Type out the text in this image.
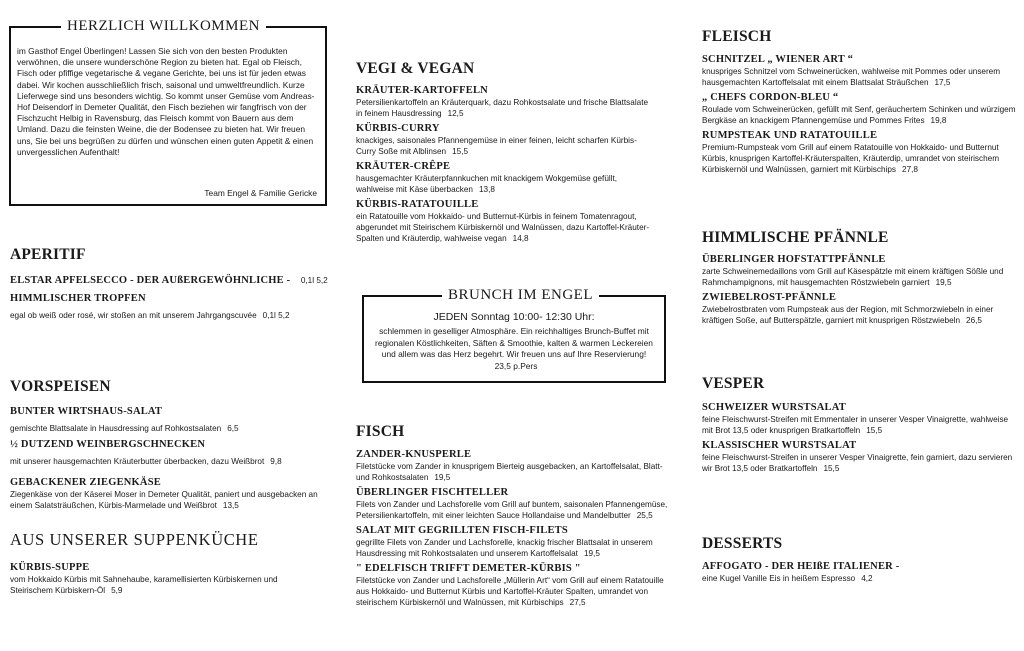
HERZLICH WILLKOMMEN

im Gasthof Engel Überlingen! Lassen Sie sich von den besten Produkten verwöhnen, die unsere wunderschöne Region zu bieten hat. Egal ob Fleisch, Fisch oder pfiffige vegetarische & vegane Gerichte, bei uns ist für jeden etwas dabei. Wir kochen ausschließlich frisch, saisonal und umweltfreundlich. Kurze Lieferwege sind uns besonders wichtig. So kommt unser Gemüse vom Andreas-Hof Deisendorf in Demeter Qualität, den Fisch beziehen wir fangfrisch von der Fischzucht Helbig in Ravensburg, das Fleisch kommt von Bauern aus dem Umland. Dazu die feinsten Weine, die der Bodensee zu bieten hat. Wir freuen uns, Sie bei uns begrüßen zu dürfen und wünschen einen guten Appetit & einen unvergesslichen Aufenthalt!

Team Engel & Familie Gericke

APERITIF

ELSTAR APFELSECCO - DER AUßERGEWÖHNLICHE - 0,1l 5,2

HIMMLISCHER TROPFEN

egal ob weiß oder rosé, wir stoßen an mit unserem Jahrgangscuvée 0,1l 5,2

VORSPEISEN

BUNTER WIRTSHAUS-SALAT

gemischte Blattsalate in Hausdressing auf Rohkostsalaten 6,5

½ DUTZEND WEINBERGSCHNECKEN

mit unserer hausgemachten Kräuterbutter überbacken, dazu Weißbrot 9,8

GEBACKENER ZIEGENKÄSE

Ziegenkäse von der Käserei Moser in Demeter Qualität, paniert und ausgebacken an einem Salatsträußchen, Kürbis-Marmelade und Weißbrot 13,5

AUS UNSERER SUPPENKÜCHE

KÜRBIS-SUPPE

vom Hokkaido Kürbis mit Sahnehaube, karamellisierten Kürbiskernen und Steirischem Kürbiskern-Öl 5,9

VEGI & VEGAN

KRÄUTER-KARTOFFELN

Petersilienkartoffeln an Kräuterquark, dazu Rohkostsalate und frische Blattsalate in feinem Hausdressing 12,5

KÜRBIS-CURRY

knackiges, saisonales Pfannengemüse in einer feinen, leicht scharfen Kürbis-Curry Soße mit Alblinsen 15,5

KRÄUTER-CRÊPE

hausgemachter Kräuterpfannkuchen mit knackigem Wokgemüse gefüllt, wahlweise mit Käse überbacken 13,8

KÜRBIS-RATATOUILLE

ein Ratatouille vom Hokkaido- und Butternut-Kürbis in feinem Tomatenragout, abgerundet mit Steirischem Kürbiskernöl und Walnüssen, dazu Kartoffel-Kräuter-Spalten und Kräuterdip, wahlweise vegan 14,8

BRUNCH IM ENGEL
JEDEN Sonntag 10:00- 12:30 Uhr:
schlemmen in geselliger Atmosphäre. Ein reichhaltiges Brunch-Buffet mit regionalen Köstlichkeiten, Säften & Smoothie, kalten & warmen Leckereien und allem was das Herz begehrt. Wir freuen uns auf Ihre Reservierung! 23,5 p.Pers

FISCH

ZANDER-KNUSPERLE

Filetstücke vom Zander in knusprigem Bierteig ausgebacken, an Kartoffelsalat, Blatt- und Rohkostsalaten 19,5

ÜBERLINGER FISCHTELLER

Filets von Zander und Lachsforelle vom Grill auf buntem, saisonalen Pfannengemüse, Petersilienkartoffeln, mit einer leichten Sauce Hollandaise und Mandelbutter 25,5

SALAT MIT GEGRILLTEN FISCH-FILETS

gegrillte Filets von Zander und Lachsforelle, knackig frischer Blattsalat in unserem Hausdressing mit Rohkostsalaten und unserem Kartoffelsalat 19,5

" EDELFISCH TRIFFT DEMETER-KÜRBIS "

Filetstücke von Zander und Lachsforelle „Müllerin Art“ vom Grill auf einem Ratatouille aus Hokkaido- und Butternut Kürbis und Kartoffel-Kräuter Spalten, umrandet von steirischem Kürbiskernöl und Walnüssen, mit Kürbischips 27,5

FLEISCH

SCHNITZEL „ WIENER ART “

knuspriges Schnitzel vom Schweinerücken, wahlweise mit Pommes oder unserem hausgemachten Kartoffelsalat mit einem Blattsalat Sträußchen 17,5

„ CHEFS CORDON-BLEU “

Roulade vom Schweinerücken, gefüllt mit Senf, geräuchertem Schinken und würzigem Bergkäse an knackigem Pfannengemüse und Pommes Frites 19,8

RUMPSTEAK UND RATATOUILLE

Premium-Rumpsteak vom Grill auf einem Ratatouille von Hokkaido- und Butternut Kürbis, knusprigen Kartoffel-Kräuterspalten, Kräuterdip, umrandet von steirischem Kürbiskernöl und Walnüssen, garniert mit Kürbischips 27,8

HIMMLISCHE PFÄNNLE

ÜBERLINGER HOFSTATTPFÄNNLE

zarte Schweinemedaillons vom Grill auf Käsespätzle mit einem kräftigen Sößle und Rahmchampignons, mit hausgemachten Röstzwiebeln garniert 19,5

ZWIEBELROST-PFÄNNLE

Zwiebelrostbraten vom Rumpsteak aus der Region, mit Schmorzwiebeln in einer kräftigen Soße, auf Butterspätzle, garniert mit knusprigen Röstzwiebeln 26,5

VESPER

SCHWEIZER WURSTSALAT

feine Fleischwurst-Streifen mit Emmentaler in unserer Vesper Vinaigrette, wahlweise mit Brot 13,5 oder knusprigen Bratkartoffeln 15,5

KLASSISCHER WURSTSALAT

feine Fleischwurst-Streifen in unserer Vesper Vinaigrette, fein garniert, dazu servieren wir Brot 13,5 oder Bratkartoffeln 15,5

DESSERTS

AFFOGATO - DER HEIßE ITALIENER -

eine Kugel Vanille Eis in heißem Espresso 4,2
